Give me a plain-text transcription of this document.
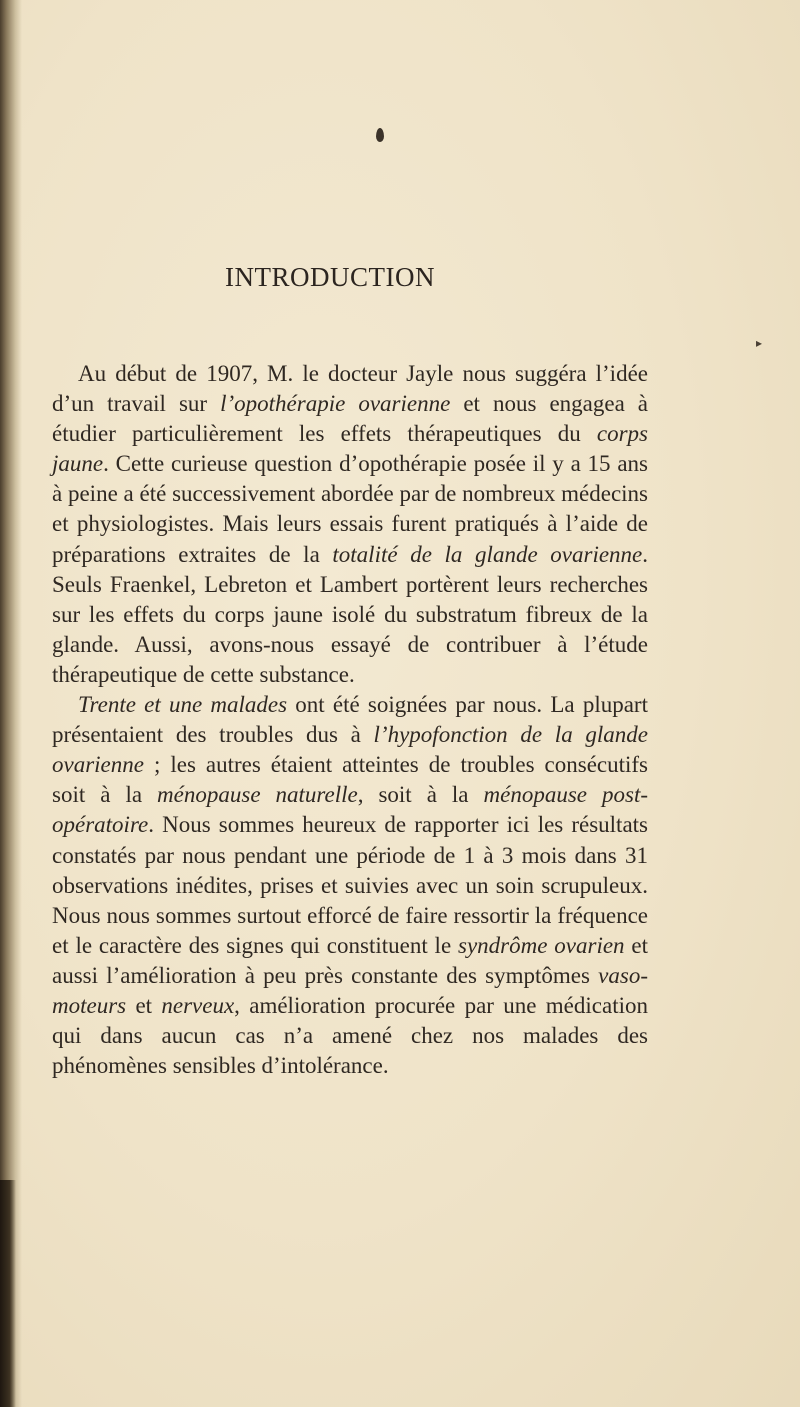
▸
INTRODUCTION

Au début de 1907, M. le docteur Jayle nous suggéra l’idée d’un travail sur l’opothérapie ovarienne et nous engagea à étudier particulièrement les effets thérapeutiques du corps jaune. Cette curieuse question d’opothérapie posée il y a 15 ans à peine a été successivement abordée par de nombreux médecins et physiologistes. Mais leurs essais furent pratiqués à l’aide de préparations extraites de la totalité de la glande ovarienne. Seuls Fraenkel, Lebreton et Lambert portèrent leurs recherches sur les effets du corps jaune isolé du substratum fibreux de la glande. Aussi, avons-nous essayé de contribuer à l’étude thérapeutique de cette substance.

Trente et une malades ont été soignées par nous. La plupart présentaient des troubles dus à l’hypofonction de la glande ovarienne ; les autres étaient atteintes de troubles consécutifs soit à la ménopause naturelle, soit à la ménopause post-opératoire. Nous sommes heureux de rapporter ici les résultats constatés par nous pendant une période de 1 à 3 mois dans 31 observations inédites, prises et suivies avec un soin scrupuleux. Nous nous sommes surtout efforcé de faire ressortir la fréquence et le caractère des signes qui constituent le syndrôme ovarien et aussi l’amélioration à peu près constante des symptômes vaso-moteurs et nerveux, amélioration procurée par une médication qui dans aucun cas n’a amené chez nos malades des phénomènes sensibles d’intolérance.
